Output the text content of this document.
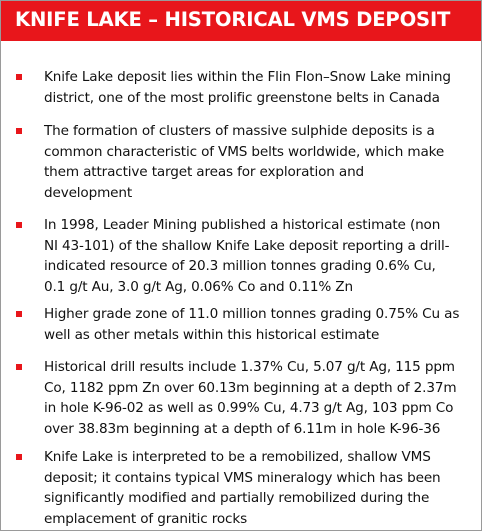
KNIFE LAKE – HISTORICAL VMS DEPOSIT
Knife Lake deposit lies within the Flin Flon–Snow Lake mining
district, one of the most prolific greenstone belts in Canada
The formation of clusters of massive sulphide deposits is a
common characteristic of VMS belts worldwide, which make
them attractive target areas for exploration and
development
In 1998, Leader Mining published a historical estimate (non
NI 43-101) of the shallow Knife Lake deposit reporting a drill-
indicated resource of 20.3 million tonnes grading 0.6% Cu,
0.1 g/t Au, 3.0 g/t Ag, 0.06% Co and 0.11% Zn
Higher grade zone of 11.0 million tonnes grading 0.75% Cu as
well as other metals within this historical estimate
Historical drill results include 1.37% Cu, 5.07 g/t Ag, 115 ppm
Co, 1182 ppm Zn over 60.13m beginning at a depth of 2.37m
in hole K-96-02 as well as 0.99% Cu, 4.73 g/t Ag, 103 ppm Co
over 38.83m beginning at a depth of 6.11m in hole K-96-36
Knife Lake is interpreted to be a remobilized, shallow VMS
deposit; it contains typical VMS mineralogy which has been
significantly modified and partially remobilized during the
emplacement of granitic rocks
